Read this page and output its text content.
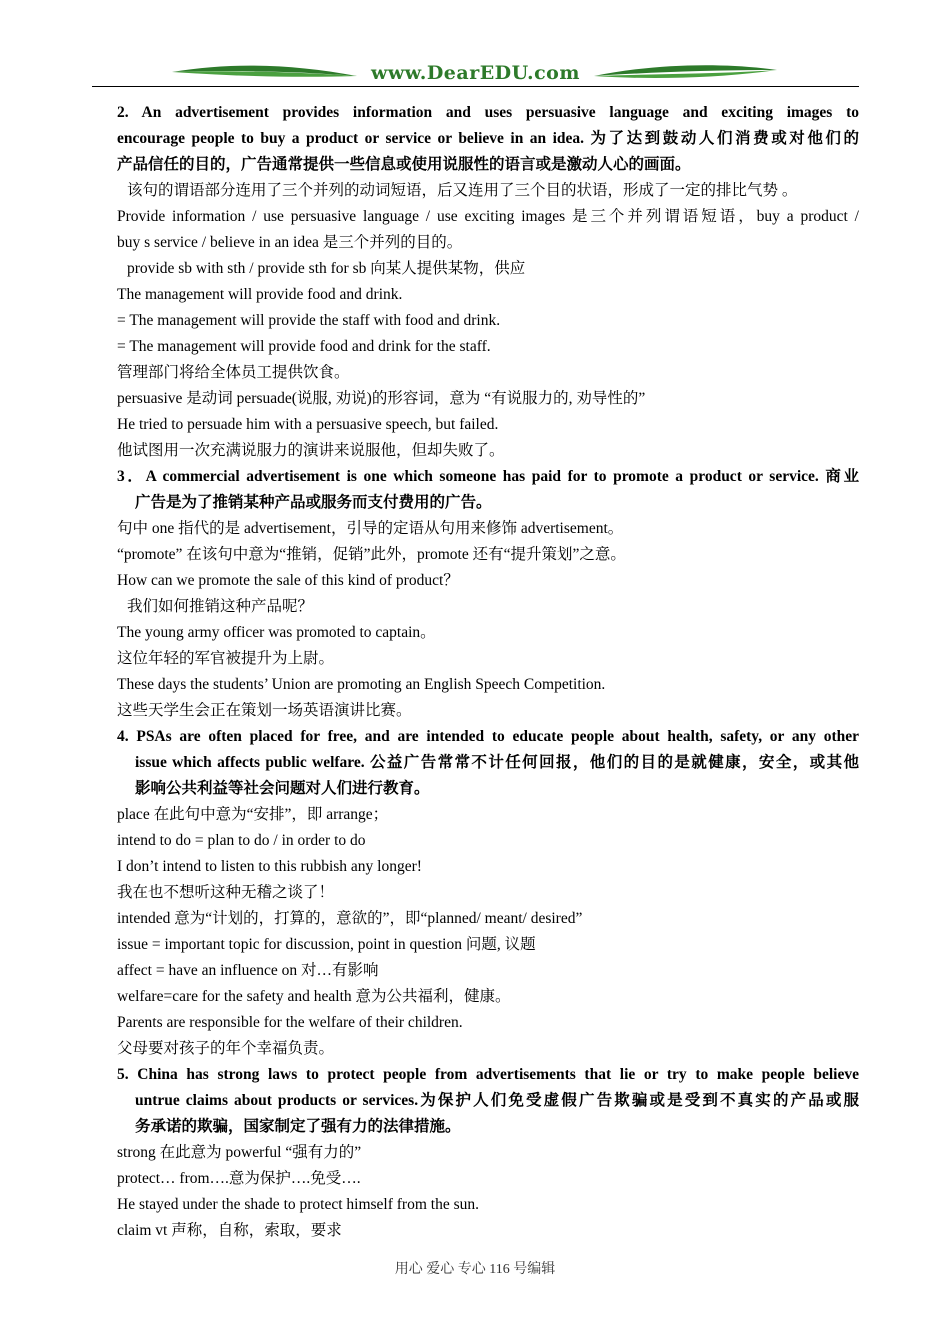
www.DearEDU.com
2. An advertisement provides information and uses persuasive language and exciting images to
encourage people to buy a product or service or believe in an idea. 为了达到鼓动人们消费或对他们的
产品信任的目的，广告通常提供一些信息或使用说服性的语言或是激动人心的画面。
该句的谓语部分连用了三个并列的动词短语，后又连用了三个目的状语，形成了一定的排比气势 。
Provide information / use persuasive language / use exciting images 是三个并列谓语短语，buy a product /
buy s service / believe in an idea 是三个并列的目的。
provide sb with sth / provide sth for sb 向某人提供某物，供应
The management will provide food and drink.
= The management will provide the staff with food and drink.
= The management will provide food and drink for the staff.
管理部门将给全体员工提供饮食。
persuasive 是动词 persuade(说服, 劝说)的形容词，意为 “有说服力的, 劝导性的”
He tried to persuade him with a persuasive speech, but failed.
他试图用一次充满说服力的演讲来说服他，但却失败了。
3．A commercial advertisement is one which someone has paid for to promote a product or service. 商业
广告是为了推销某种产品或服务而支付费用的广告。
句中 one 指代的是 advertisement，引导的定语从句用来修饰 advertisement。
“promote” 在该句中意为“推销，促销”此外，promote 还有“提升策划”之意。
How can we promote the sale of this kind of product？
我们如何推销这种产品呢？
The young army officer was promoted to captain。
这位年轻的军官被提升为上尉。
These days the students’ Union are promoting an English Speech Competition.
这些天学生会正在策划一场英语演讲比赛。
4. PSAs are often placed for free, and are intended to educate people about health, safety, or any other
issue which affects public welfare. 公益广告常常不计任何回报，他们的目的是就健康，安全，或其他
影响公共利益等社会问题对人们进行教育。
place 在此句中意为“安排”，即 arrange；
intend to do = plan to do / in order to do
I don’t intend to listen to this rubbish any longer!
我在也不想听这种无稽之谈了！
intended 意为“计划的，打算的，意欲的”，即“planned/ meant/ desired”
issue = important topic for discussion, point in question 问题, 议题
affect = have an influence on 对…有影响
welfare=care for the safety and health 意为公共福利，健康。
Parents are responsible for the welfare of their children.
父母要对孩子的年个幸福负责。
5. China has strong laws to protect people from advertisements that lie or try to make people believe
untrue claims about products or services.为保护人们免受虚假广告欺骗或是受到不真实的产品或服
务承诺的欺骗，国家制定了强有力的法律措施。
strong 在此意为 powerful “强有力的”
protect… from….意为保护….免受….
He stayed under the shade to protect himself from the sun.
claim vt 声称，自称，索取，要求
用心 爱心 专心 116 号编辑
